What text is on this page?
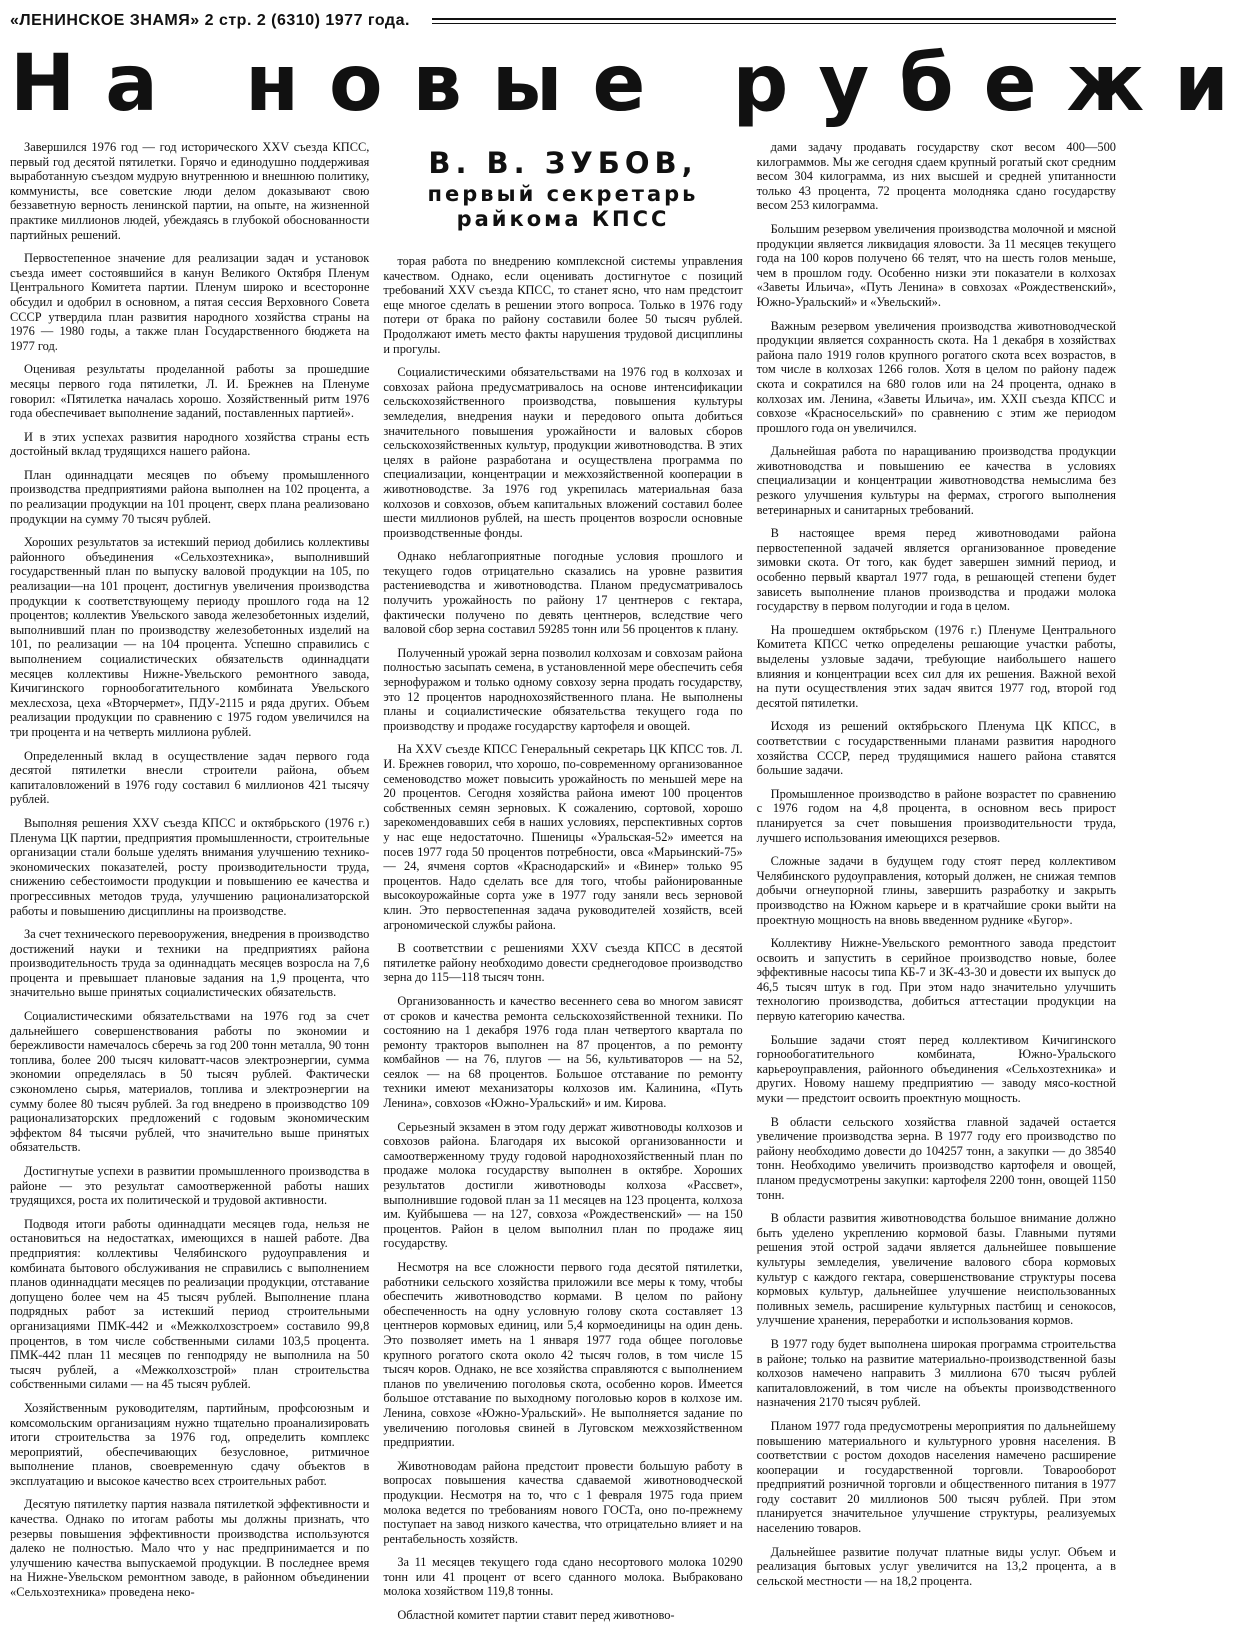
«ЛЕНИНСКОЕ ЗНАМЯ» 2 стр. 2 (6310) 1977 года.
На новые рубежи

Завершился 1976 год — год исторического XXV съезда КПСС, первый год десятой пятилетки. Горячо и единодушно поддерживая выработанную съездом мудрую внутреннюю и внешнюю политику, коммунисты, все советские люди делом доказывают свою беззаветную верность ленинской партии, на опыте, на жизненной практике миллионов людей, убеждаясь в глубокой обоснованности партийных решений.

Первостепенное значение для реализации задач и установок съезда имеет состоявшийся в канун Великого Октября Пленум Центрального Комитета партии. Пленум широко и всесторонне обсудил и одобрил в основном, а пятая сессия Верховного Совета СССР утвердила план развития народного хозяйства страны на 1976 — 1980 годы, а также план Государственного бюджета на 1977 год.

Оценивая результаты проделанной работы за прошедшие месяцы первого года пятилетки, Л. И. Брежнев на Пленуме говорил: «Пятилетка началась хорошо. Хозяйственный ритм 1976 года обеспечивает выполнение заданий, поставленных партией».

И в этих успехах развития народного хозяйства страны есть достойный вклад трудящихся нашего района.

План одиннадцати месяцев по объему промышленного производства предприятиями района выполнен на 102 процента, а по реализации продукции на 101 процент, сверх плана реализовано продукции на сумму 70 тысяч рублей.

Хороших результатов за истекший период добились коллективы районного объединения «Сельхозтехника», выполнивший государственный план по выпуску валовой продукции на 105, по реализации—на 101 процент, достигнув увеличения производства продукции к соответствующему периоду прошлого года на 12 процентов; коллектив Увельского завода железобетонных изделий, выполнивший план по производству железобетонных изделий на 101, по реализации — на 104 процента. Успешно справились с выполнением социалистических обязательств одиннадцати месяцев коллективы Нижне-Увельского ремонтного завода, Кичигинского горнообогатительного комбината Увельского мехлесхоза, цеха «Вторчермет», ПДУ-2115 и ряда других. Объем реализации продукции по сравнению с 1975 годом увеличился на три процента и на четверть миллиона рублей.

Определенный вклад в осуществление задач первого года десятой пятилетки внесли строители района, объем капиталовложений в 1976 году составил 6 миллионов 421 тысячу рублей.

Выполняя решения XXV съезда КПСС и октябрьского (1976 г.) Пленума ЦК партии, предприятия промышленности, строительные организации стали больше уделять внимания улучшению технико-экономических показателей, росту производительности труда, снижению себестоимости продукции и повышению ее качества и прогрессивных методов труда, улучшению рационализаторской работы и повышению дисциплины на производстве.

За счет технического перевооружения, внедрения в производство достижений науки и техники на предприятиях района производительность труда за одиннадцать месяцев возросла на 7,6 процента и превышает плановые задания на 1,9 процента, что значительно выше принятых социалистических обязательств.

Социалистическими обязательствами на 1976 год за счет дальнейшего совершенствования работы по экономии и бережливости намечалось сберечь за год 200 тонн металла, 90 тонн топлива, более 200 тысяч киловатт-часов электроэнергии, сумма экономии определялась в 50 тысяч рублей. Фактически сэкономлено сырья, материалов, топлива и электроэнергии на сумму более 80 тысяч рублей. За год внедрено в производство 109 рационализаторских предложений с годовым экономическим эффектом 84 тысячи рублей, что значительно выше принятых обязательств.

Достигнутые успехи в развитии промышленного производства в районе — это результат самоотверженной работы наших трудящихся, роста их политической и трудовой активности.

Подводя итоги работы одиннадцати месяцев года, нельзя не остановиться на недостатках, имеющихся в нашей работе. Два предприятия: коллективы Челябинского рудоуправления и комбината бытового обслуживания не справились с выполнением планов одиннадцати месяцев по реализации продукции, отставание допущено более чем на 45 тысяч рублей. Выполнение плана подрядных работ за истекший период строительными организациями ПМК-442 и «Межколхозстроем» составило 99,8 процентов, в том числе собственными силами 103,5 процента. ПМК-442 план 11 месяцев по генподряду не выполнила на 50 тысяч рублей, а «Межколхозстрой» план строительства собственными силами — на 45 тысяч рублей.

Хозяйственным руководителям, партийным, профсоюзным и комсомольским организациям нужно тщательно проанализировать итоги строительства за 1976 год, определить комплекс мероприятий, обеспечивающих безусловное, ритмичное выполнение планов, своевременную сдачу объектов в эксплуатацию и высокое качество всех строительных работ.

Десятую пятилетку партия назвала пятилеткой эффективности и качества. Однако по итогам работы мы должны признать, что резервы повышения эффективности производства используются далеко не полностью. Мало что у нас предпринимается и по улучшению качества выпускаемой продукции. В последнее время на Нижне-Увельском ремонтном заводе, в районном объединении «Сельхозтехника» проведена неко-

В. В. ЗУБОВ,
первый секретарь
райкома КПСС

торая работа по внедрению комплексной системы управления качеством. Однако, если оценивать достигнутое с позиций требований XXV съезда КПСС, то станет ясно, что нам предстоит еще многое сделать в решении этого вопроса. Только в 1976 году потери от брака по району составили более 50 тысяч рублей. Продолжают иметь место факты нарушения трудовой дисциплины и прогулы.

Социалистическими обязательствами на 1976 год в колхозах и совхозах района предусматривалось на основе интенсификации сельскохозяйственного производства, повышения культуры земледелия, внедрения науки и передового опыта добиться значительного повышения урожайности и валовых сборов сельскохозяйственных культур, продукции животноводства. В этих целях в районе разработана и осуществлена программа по специализации, концентрации и межхозяйственной кооперации в животноводстве. За 1976 год укрепилась материальная база колхозов и совхозов, объем капитальных вложений составил более шести миллионов рублей, на шесть процентов возросли основные производственные фонды.

Однако неблагоприятные погодные условия прошлого и текущего годов отрицательно сказались на уровне развития растениеводства и животноводства. Планом предусматривалось получить урожайность по району 17 центнеров с гектара, фактически получено по девять центнеров, вследствие чего валовой сбор зерна составил 59285 тонн или 56 процентов к плану.

Полученный урожай зерна позволил колхозам и совхозам района полностью засыпать семена, в установленной мере обеспечить себя зернофуражом и только одному совхозу зерна продать государству, это 12 процентов народнохозяйственного плана. Не выполнены планы и социалистические обязательства текущего года по производству и продаже государству картофеля и овощей.

На XXV съезде КПСС Генеральный секретарь ЦК КПСС тов. Л. И. Брежнев говорил, что хорошо, по-современному организованное семеноводство может повысить урожайность по меньшей мере на 20 процентов. Сегодня хозяйства района имеют 100 процентов собственных семян зерновых. К сожалению, сортовой, хорошо зарекомендовавших себя в наших условиях, перспективных сортов у нас еще недостаточно. Пшеницы «Уральская-52» имеется на посев 1977 года 50 процентов потребности, овса «Марьинский-75» — 24, ячменя сортов «Краснодарский» и «Винер» только 95 процентов. Надо сделать все для того, чтобы районированные высокоурожайные сорта уже в 1977 году заняли весь зерновой клин. Это первостепенная задача руководителей хозяйств, всей агрономической службы района.

В соответствии с решениями XXV съезда КПСС в десятой пятилетке району необходимо довести среднегодовое производство зерна до 115—118 тысяч тонн.

Организованность и качество весеннего сева во многом зависят от сроков и качества ремонта сельскохозяйственной техники. По состоянию на 1 декабря 1976 года план четвертого квартала по ремонту тракторов выполнен на 87 процентов, а по ремонту комбайнов — на 76, плугов — на 56, культиваторов — на 52, сеялок — на 68 процентов. Большое отставание по ремонту техники имеют механизаторы колхозов им. Калинина, «Путь Ленина», совхозов «Южно-Уральский» и им. Кирова.

Серьезный экзамен в этом году держат животноводы колхозов и совхозов района. Благодаря их высокой организованности и самоотверженному труду годовой народнохозяйственный план по продаже молока государству выполнен в октябре. Хороших результатов достигли животноводы колхоза «Рассвет», выполнившие годовой план за 11 месяцев на 123 процента, колхоза им. Куйбышева — на 127, совхоза «Рождественский» — на 150 процентов. Район в целом выполнил план по продаже яиц государству.

Несмотря на все сложности первого года десятой пятилетки, работники сельского хозяйства приложили все меры к тому, чтобы обеспечить животноводство кормами. В целом по району обеспеченность на одну условную голову скота составляет 13 центнеров кормовых единиц, или 5,4 кормоединицы на один день. Это позволяет иметь на 1 января 1977 года общее поголовье крупного рогатого скота около 42 тысяч голов, в том числе 15 тысяч коров. Однако, не все хозяйства справляются с выполнением планов по увеличению поголовья скота, особенно коров. Имеется большое отставание по выходному поголовью коров в колхозе им. Ленина, совхозе «Южно-Уральский». Не выполняется задание по увеличению поголовья свиней в Луговском межхозяйственном предприятии.

Животноводам района предстоит провести большую работу в вопросах повышения качества сдаваемой животноводческой продукции. Несмотря на то, что с 1 февраля 1975 года прием молока ведется по требованиям нового ГОСТа, оно по-прежнему поступает на завод низкого качества, что отрицательно влияет и на рентабельность хозяйств.

За 11 месяцев текущего года сдано несортового молока 10290 тонн или 41 процент от всего сданного молока. Выбраковано молока хозяйством 119,8 тонны.

Областной комитет партии ставит перед животново-

дами задачу продавать государству скот весом 400—500 килограммов. Мы же сегодня сдаем крупный рогатый скот средним весом 304 килограмма, из них высшей и средней упитанности только 43 процента, 72 процента молодняка сдано государству весом 253 килограмма.

Большим резервом увеличения производства молочной и мясной продукции является ликвидация яловости. За 11 месяцев текущего года на 100 коров получено 66 телят, что на шесть голов меньше, чем в прошлом году. Особенно низки эти показатели в колхозах «Заветы Ильича», «Путь Ленина» в совхозах «Рождественский», Южно-Уральский» и «Увельский».

Важным резервом увеличения производства животноводческой продукции является сохранность скота. На 1 декабря в хозяйствах района пало 1919 голов крупного рогатого скота всех возрастов, в том числе в колхозах 1266 голов. Хотя в целом по району падеж скота и сократился на 680 голов или на 24 процента, однако в колхозах им. Ленина, «Заветы Ильича», им. XXII съезда КПСС и совхозе «Красносельский» по сравнению с этим же периодом прошлого года он увеличился.

Дальнейшая работа по наращиванию производства продукции животноводства и повышению ее качества в условиях специализации и концентрации животноводства немыслима без резкого улучшения культуры на фермах, строгого выполнения ветеринарных и санитарных требований.

В настоящее время перед животноводами района первостепенной задачей является организованное проведение зимовки скота. От того, как будет завершен зимний период, и особенно первый квартал 1977 года, в решающей степени будет зависеть выполнение планов производства и продажи молока государству в первом полугодии и года в целом.

На прошедшем октябрьском (1976 г.) Пленуме Центрального Комитета КПСС четко определены решающие участки работы, выделены узловые задачи, требующие наибольшего нашего влияния и концентрации всех сил для их решения. Важной вехой на пути осуществления этих задач явится 1977 год, второй год десятой пятилетки.

Исходя из решений октябрьского Пленума ЦК КПСС, в соответствии с государственными планами развития народного хозяйства СССР, перед трудящимися нашего района ставятся большие задачи.

Промышленное производство в районе возрастет по сравнению с 1976 годом на 4,8 процента, в основном весь прирост планируется за счет повышения производительности труда, лучшего использования имеющихся резервов.

Сложные задачи в будущем году стоят перед коллективом Челябинского рудоуправления, который должен, не снижая темпов добычи огнеупорной глины, завершить разработку и закрыть производство на Южном карьере и в кратчайшие сроки выйти на проектную мощность на вновь введенном руднике «Бугор».

Коллективу Нижне-Увельского ремонтного завода предстоит освоить и запустить в серийное производство новые, более эффективные насосы типа КБ-7 и ЗК-43-30 и довести их выпуск до 46,5 тысяч штук в год. При этом надо значительно улучшить технологию производства, добиться аттестации продукции на первую категорию качества.

Большие задачи стоят перед коллективом Кичигинского горнообогатительного комбината, Южно-Уральского карьероуправления, районного объединения «Сельхозтехника» и других. Новому нашему предприятию — заводу мясо-костной муки — предстоит освоить проектную мощность.

В области сельского хозяйства главной задачей остается увеличение производства зерна. В 1977 году его производство по району необходимо довести до 104257 тонн, а закупки — до 38540 тонн. Необходимо увеличить производство картофеля и овощей, планом предусмотрены закупки: картофеля 2200 тонн, овощей 1150 тонн.

В области развития животноводства большое внимание должно быть уделено укреплению кормовой базы. Главными путями решения этой острой задачи является дальнейшее повышение культуры земледелия, увеличение валового сбора кормовых культур с каждого гектара, совершенствование структуры посева кормовых культур, дальнейшее улучшение неиспользованных поливных земель, расширение культурных пастбищ и сенокосов, улучшение хранения, переработки и использования кормов.

В 1977 году будет выполнена широкая программа строительства в районе; только на развитие материально-производственной базы колхозов намечено направить 3 миллиона 670 тысяч рублей капиталовложений, в том числе на объекты производственного назначения 2170 тысяч рублей.

Планом 1977 года предусмотрены мероприятия по дальнейшему повышению материального и культурного уровня населения. В соответствии с ростом доходов населения намечено расширение кооперации и государственной торговли. Товарооборот предприятий розничной торговли и общественного питания в 1977 году составит 20 миллионов 500 тысяч рублей. При этом планируется значительное улучшение структуры, реализуемых населению товаров.

Дальнейшее развитие получат платные виды услуг. Объем и реализация бытовых услуг увеличится на 13,2 процента, а в сельской местности — на 18,2 процента.
